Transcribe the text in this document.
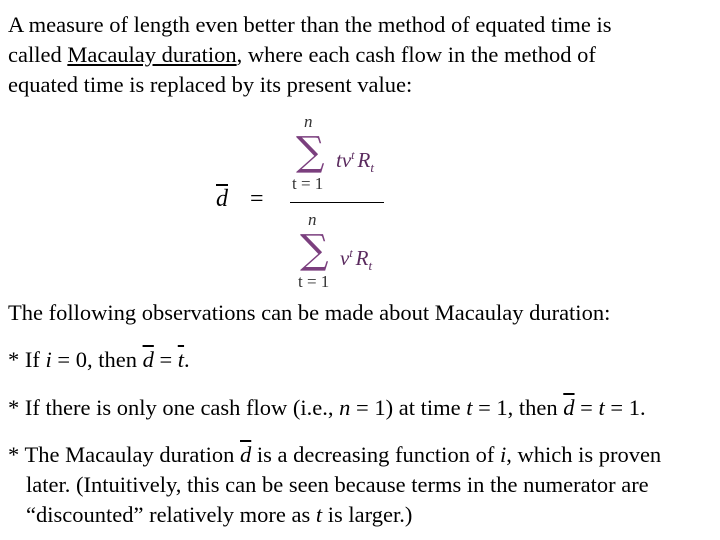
A measure of length even better than the method of equated time is
called Macaulay duration, where each cash flow in the method of
equated time is replaced by its present value:
$\overline{d}$ =
n
∑
t = 1
$tv^t$ $R_t$
n
∑
t = 1
$v^t$ $R_t$
The following observations can be made about Macaulay duration:
* If i = 0, then $\overline{d} = \overline{t}$.
* If there is only one cash flow (i.e., n = 1) at time t = 1, then $\overline{d} = t = 1$.
* The Macaulay duration $\overline{d}$ is a decreasing function of i, which is proven
later. (Intuitively, this can be seen because terms in the numerator are
“discounted” relatively more as t is larger.)
